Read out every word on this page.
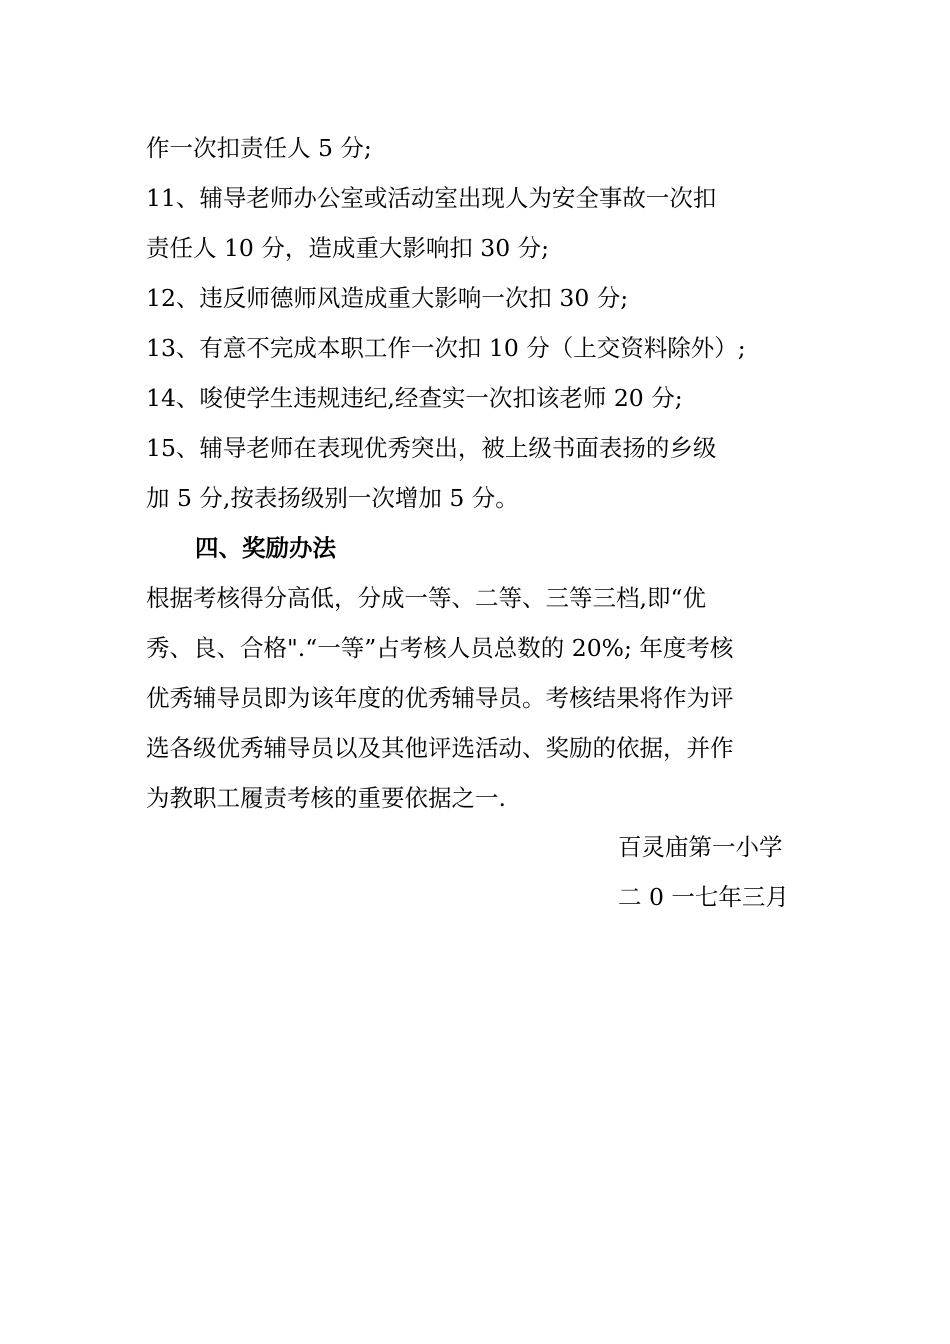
作一次扣责任人 5 分;
11、辅导老师办公室或活动室出现人为安全事故一次扣
责任人 10 分，造成重大影响扣 30 分;
12、违反师德师风造成重大影响一次扣 30 分;
13、有意不完成本职工作一次扣 10 分（上交资料除外）;
14、唆使学生违规违纪,经查实一次扣该老师 20 分;
15、辅导老师在表现优秀突出，被上级书面表扬的乡级
加 5 分,按表扬级别一次增加 5 分。
四、奖励办法
根据考核得分高低，分成一等、二等、三等三档,即“优
秀、良、合格".“一等”占考核人员总数的 20%; 年度考核
优秀辅导员即为该年度的优秀辅导员。考核结果将作为评
选各级优秀辅导员以及其他评选活动、奖励的依据，并作
为教职工履责考核的重要依据之一.
百灵庙第一小学
二 0 一七年三月
